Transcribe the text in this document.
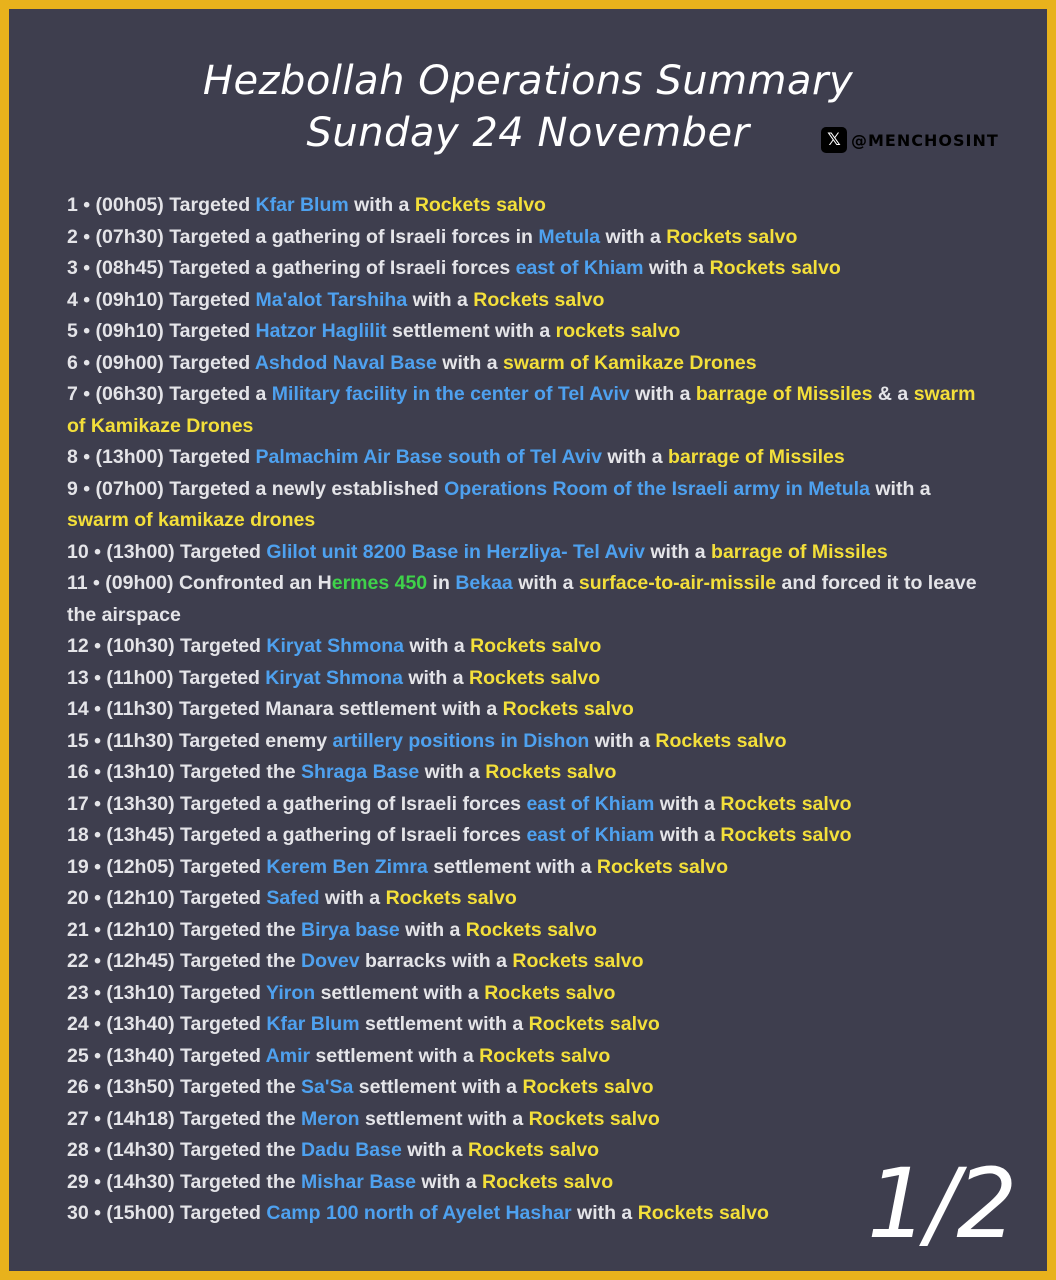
Hezbollah Operations Summary
Sunday 24 November	𝕏 @MENCHOSINT
1 • (00h05) Targeted Kfar Blum with a Rockets salvo
2 • (07h30) Targeted a gathering of Israeli forces in Metula with a Rockets salvo
3 • (08h45) Targeted a gathering of Israeli forces east of Khiam with a Rockets salvo
4 • (09h10) Targeted Ma'alot Tarshiha with a Rockets salvo
5 • (09h10) Targeted Hatzor Haglilit settlement with a rockets salvo
6 • (09h00) Targeted Ashdod Naval Base with a swarm of Kamikaze Drones
7 • (06h30) Targeted a Military facility in the center of Tel Aviv with a barrage of Missiles & a swarm of Kamikaze Drones
8 • (13h00) Targeted Palmachim Air Base south of Tel Aviv with a barrage of Missiles
9 • (07h00) Targeted a newly established Operations Room of the Israeli army in Metula with a swarm of kamikaze drones
10 • (13h00) Targeted Glilot unit 8200 Base in Herzliya- Tel Aviv with a barrage of Missiles
11 • (09h00) Confronted an Hermes 450 in Bekaa with a surface-to-air-missile and forced it to leave the airspace
12 • (10h30) Targeted Kiryat Shmona with a Rockets salvo
13 • (11h00) Targeted Kiryat Shmona with a Rockets salvo
14 • (11h30) Targeted Manara settlement with a Rockets salvo
15 • (11h30) Targeted enemy artillery positions in Dishon with a Rockets salvo
16 • (13h10) Targeted the Shraga Base with a Rockets salvo
17 • (13h30) Targeted a gathering of Israeli forces east of Khiam with a Rockets salvo
18 • (13h45) Targeted a gathering of Israeli forces east of Khiam with a Rockets salvo
19 • (12h05) Targeted Kerem Ben Zimra settlement with a Rockets salvo
20 • (12h10) Targeted Safed with a Rockets salvo
21 • (12h10) Targeted the Birya base with a Rockets salvo
22 • (12h45) Targeted the Dovev barracks with a Rockets salvo
23 • (13h10) Targeted Yiron settlement with a Rockets salvo
24 • (13h40) Targeted Kfar Blum settlement with a Rockets salvo
25 • (13h40) Targeted Amir settlement with a Rockets salvo
26 • (13h50) Targeted the Sa'Sa settlement with a Rockets salvo
27 • (14h18) Targeted the Meron settlement with a Rockets salvo
28 • (14h30) Targeted the Dadu Base with a Rockets salvo
29 • (14h30) Targeted the Mishar Base with a Rockets salvo
30 • (15h00) Targeted Camp 100 north of Ayelet Hashar with a Rockets salvo	1/2
